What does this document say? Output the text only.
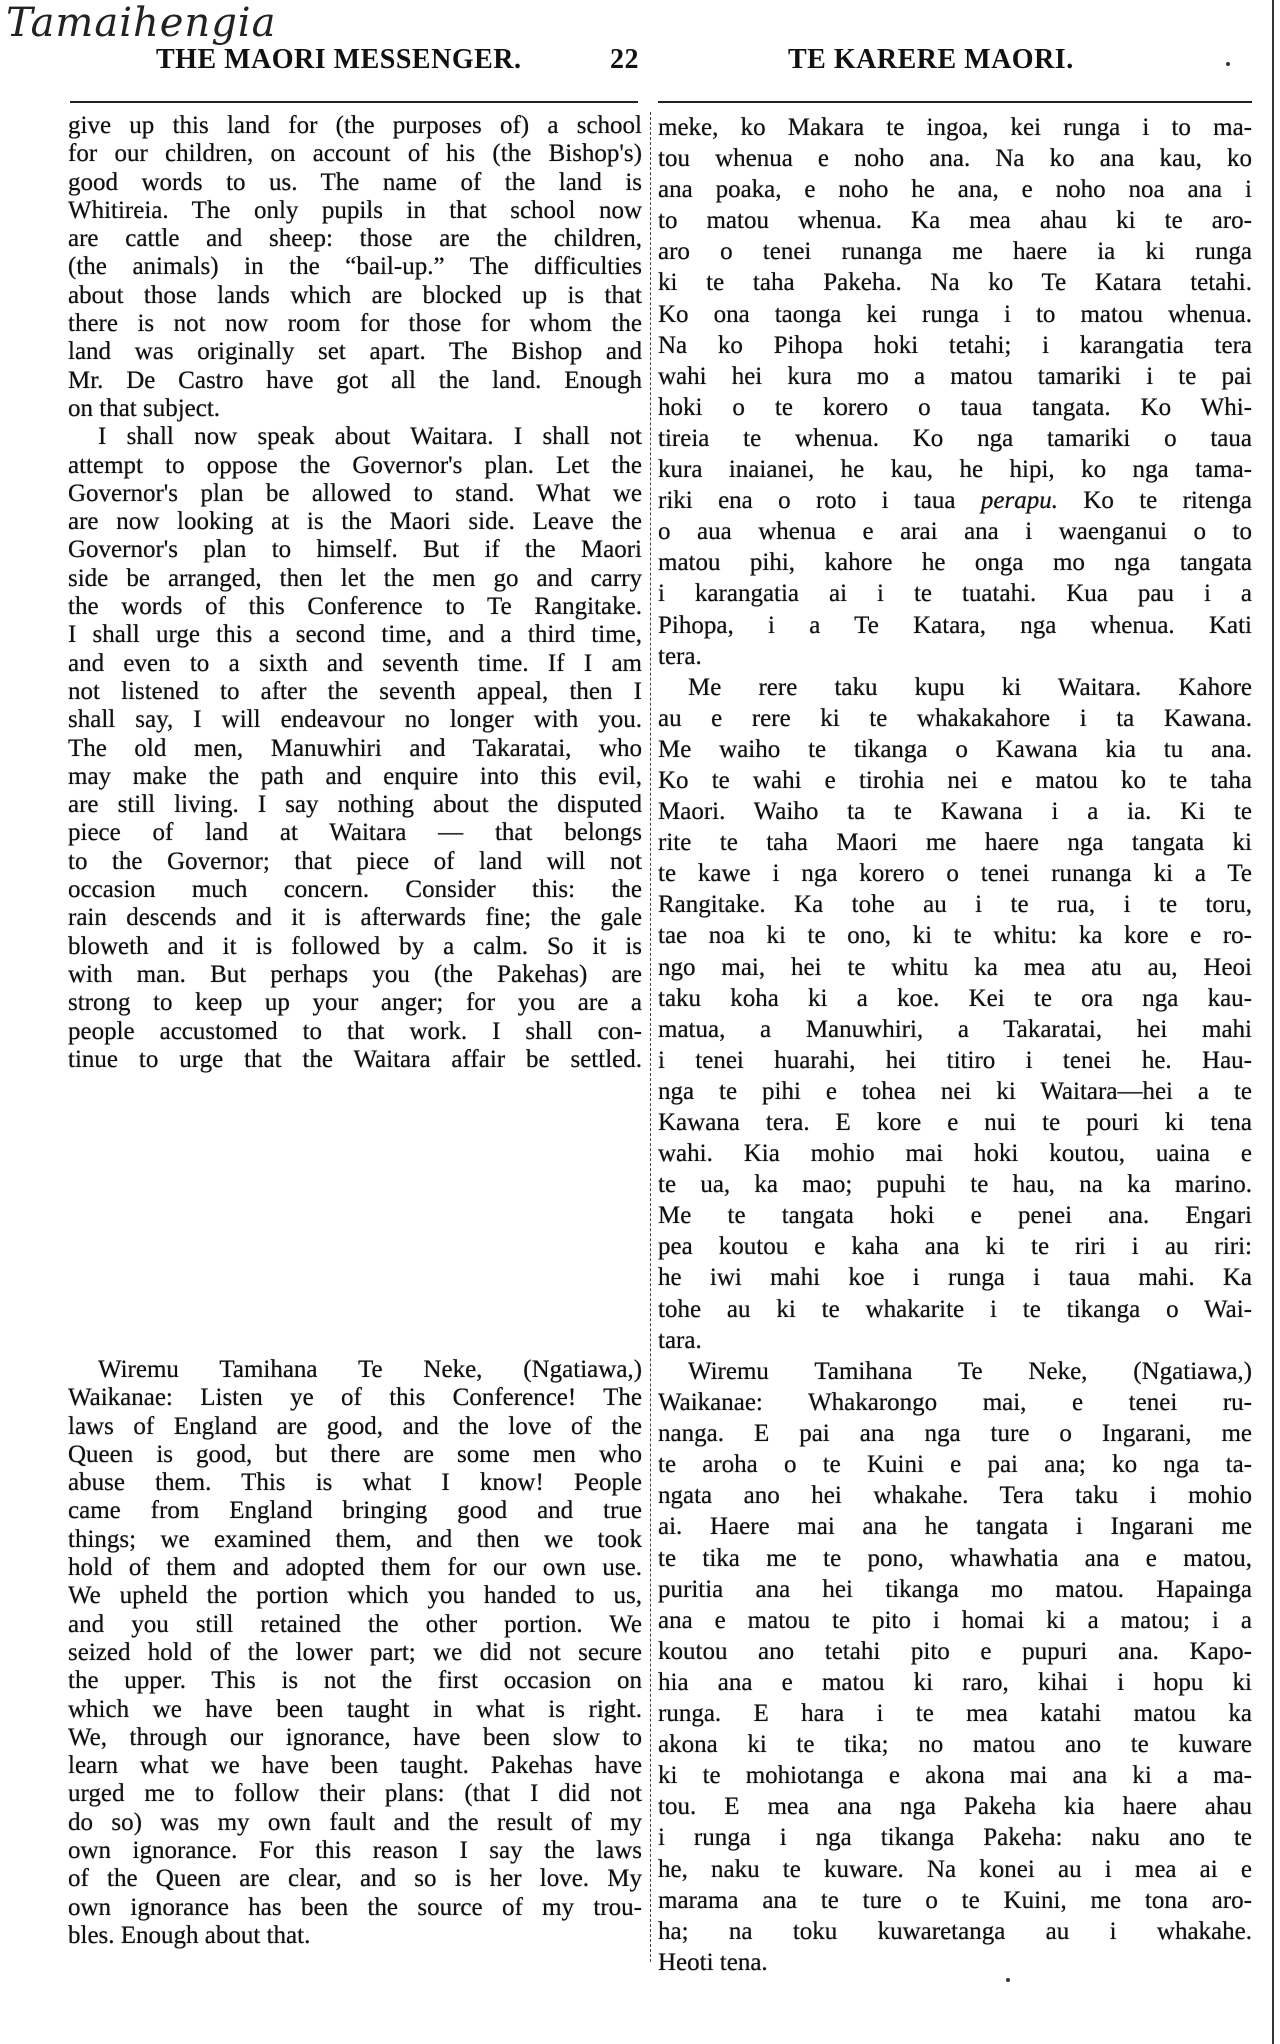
Tamaihengia
THE MAORI MESSENGER.	22	TE KARERE MAORI.
give up this land for (the purposes of) a school
for our children, on account of his (the Bishop's)
good words to us. The name of the land is
Whitireia. The only pupils in that school now
are cattle and sheep: those are the children,
(the animals) in the “bail-up.” The difficulties
about those lands which are blocked up is that
there is not now room for those for whom the
land was originally set apart. The Bishop and
Mr. De Castro have got all the land. Enough
on that subject.
I shall now speak about Waitara. I shall not
attempt to oppose the Governor's plan. Let the
Governor's plan be allowed to stand. What we
are now looking at is the Maori side. Leave the
Governor's plan to himself. But if the Maori
side be arranged, then let the men go and carry
the words of this Conference to Te Rangitake.
I shall urge this a second time, and a third time,
and even to a sixth and seventh time. If I am
not listened to after the seventh appeal, then I
shall say, I will endeavour no longer with you.
The old men, Manuwhiri and Takaratai, who
may make the path and enquire into this evil,
are still living. I say nothing about the disputed
piece of land at Waitara — that belongs
to the Governor; that piece of land will not
occasion much concern. Consider this: the
rain descends and it is afterwards fine; the gale
bloweth and it is followed by a calm. So it is
with man. But perhaps you (the Pakehas) are
strong to keep up your anger; for you are a
people accustomed to that work. I shall con-
tinue to urge that the Waitara affair be settled.
Wiremu Tamihana Te Neke, (Ngatiawa,)
Waikanae: Listen ye of this Conference! The
laws of England are good, and the love of the
Queen is good, but there are some men who
abuse them. This is what I know! People
came from England bringing good and true
things; we examined them, and then we took
hold of them and adopted them for our own use.
We upheld the portion which you handed to us,
and you still retained the other portion. We
seized hold of the lower part; we did not secure
the upper. This is not the first occasion on
which we have been taught in what is right.
We, through our ignorance, have been slow to
learn what we have been taught. Pakehas have
urged me to follow their plans: (that I did not
do so) was my own fault and the result of my
own ignorance. For this reason I say the laws
of the Queen are clear, and so is her love. My
own ignorance has been the source of my trou-
bles. Enough about that.
meke, ko Makara te ingoa, kei runga i to ma-
tou whenua e noho ana. Na ko ana kau, ko
ana poaka, e noho he ana, e noho noa ana i
to matou whenua. Ka mea ahau ki te aro-
aro o tenei runanga me haere ia ki runga
ki te taha Pakeha. Na ko Te Katara tetahi.
Ko ona taonga kei runga i to matou whenua.
Na ko Pihopa hoki tetahi; i karangatia tera
wahi hei kura mo a matou tamariki i te pai
hoki o te korero o taua tangata. Ko Whi-
tireia te whenua. Ko nga tamariki o taua
kura inaianei, he kau, he hipi, ko nga tama-
riki ena o roto i taua perapu. Ko te ritenga
o aua whenua e arai ana i waenganui o to
matou pihi, kahore he onga mo nga tangata
i karangatia ai i te tuatahi. Kua pau i a
Pihopa, i a Te Katara, nga whenua. Kati
tera.
Me rere taku kupu ki Waitara. Kahore
au e rere ki te whakakahore i ta Kawana.
Me waiho te tikanga o Kawana kia tu ana.
Ko te wahi e tirohia nei e matou ko te taha
Maori. Waiho ta te Kawana i a ia. Ki te
rite te taha Maori me haere nga tangata ki
te kawe i nga korero o tenei runanga ki a Te
Rangitake. Ka tohe au i te rua, i te toru,
tae noa ki te ono, ki te whitu: ka kore e ro-
ngo mai, hei te whitu ka mea atu au, Heoi
taku koha ki a koe. Kei te ora nga kau-
matua, a Manuwhiri, a Takaratai, hei mahi
i tenei huarahi, hei titiro i tenei he. Hau-
nga te pihi e tohea nei ki Waitara—hei a te
Kawana tera. E kore e nui te pouri ki tena
wahi. Kia mohio mai hoki koutou, uaina e
te ua, ka mao; pupuhi te hau, na ka marino.
Me te tangata hoki e penei ana. Engari
pea koutou e kaha ana ki te riri i au riri:
he iwi mahi koe i runga i taua mahi. Ka
tohe au ki te whakarite i te tikanga o Wai-
tara.
Wiremu Tamihana Te Neke, (Ngatiawa,)
Waikanae: Whakarongo mai, e tenei ru-
nanga. E pai ana nga ture o Ingarani, me
te aroha o te Kuini e pai ana; ko nga ta-
ngata ano hei whakahe. Tera taku i mohio
ai. Haere mai ana he tangata i Ingarani me
te tika me te pono, whawhatia ana e matou,
puritia ana hei tikanga mo matou. Hapainga
ana e matou te pito i homai ki a matou; i a
koutou ano tetahi pito e pupuri ana. Kapo-
hia ana e matou ki raro, kihai i hopu ki
runga. E hara i te mea katahi matou ka
akona ki te tika; no matou ano te kuware
ki te mohiotanga e akona mai ana ki a ma-
tou. E mea ana nga Pakeha kia haere ahau
i runga i nga tikanga Pakeha: naku ano te
he, naku te kuware. Na konei au i mea ai e
marama ana te ture o te Kuini, me tona aro-
ha; na toku kuwaretanga au i whakahe.
Heoti tena.
